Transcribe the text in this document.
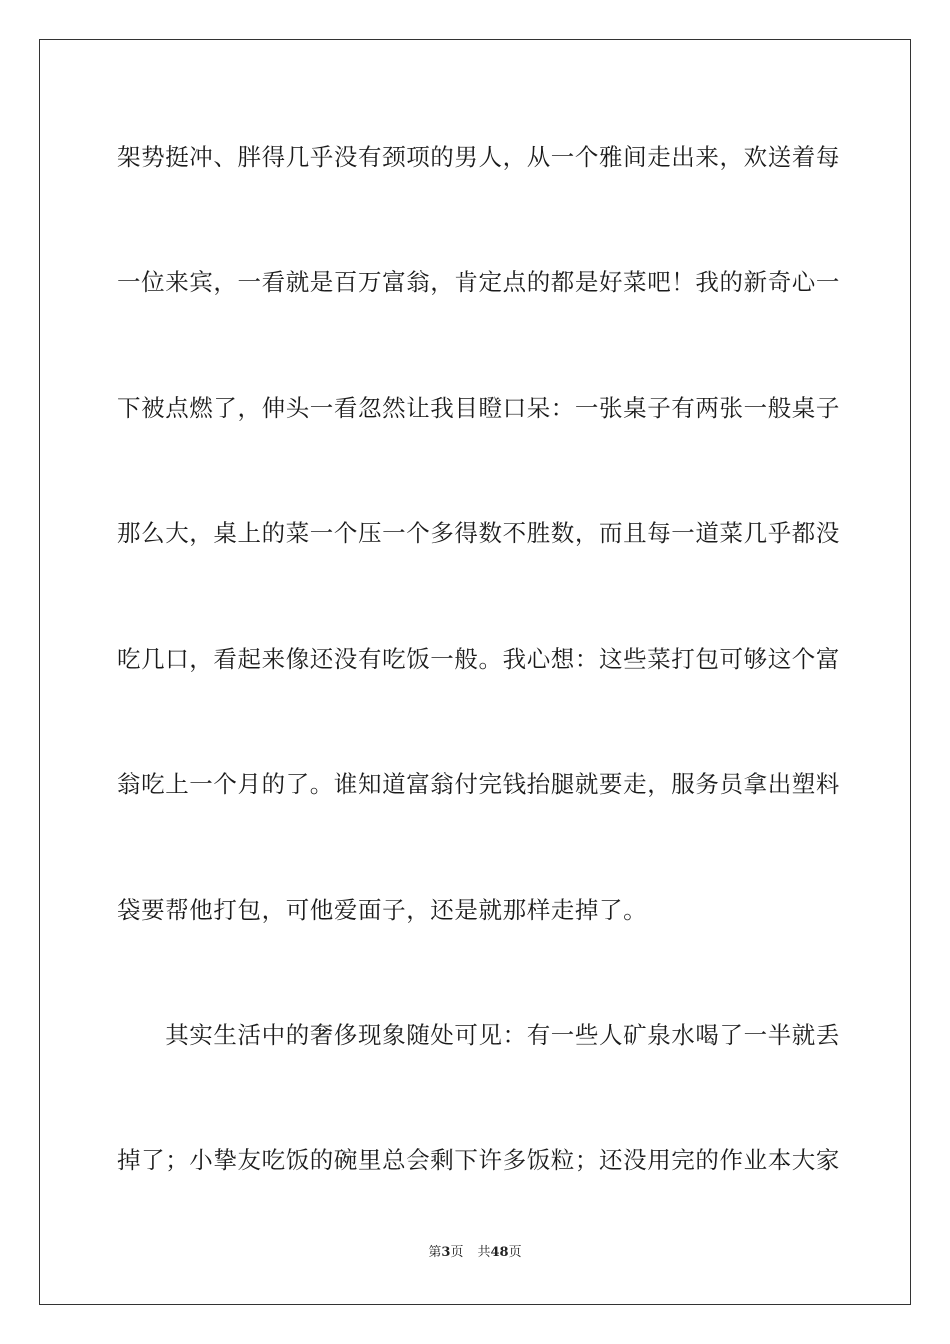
架势挺冲、胖得几乎没有颈项的男人，从一个雅间走出来，欢送着每
一位来宾，一看就是百万富翁，肯定点的都是好菜吧！我的新奇心一
下被点燃了，伸头一看忽然让我目瞪口呆：一张桌子有两张一般桌子
那么大，桌上的菜一个压一个多得数不胜数，而且每一道菜几乎都没
吃几口，看起来像还没有吃饭一般。我心想：这些菜打包可够这个富
翁吃上一个月的了。谁知道富翁付完钱抬腿就要走，服务员拿出塑料
袋要帮他打包，可他爱面子，还是就那样走掉了。
　　其实生活中的奢侈现象随处可见：有一些人矿泉水喝了一半就丢
掉了；小挚友吃饭的碗里总会剩下许多饭粒；还没用完的作业本大家
第3页 共48页
